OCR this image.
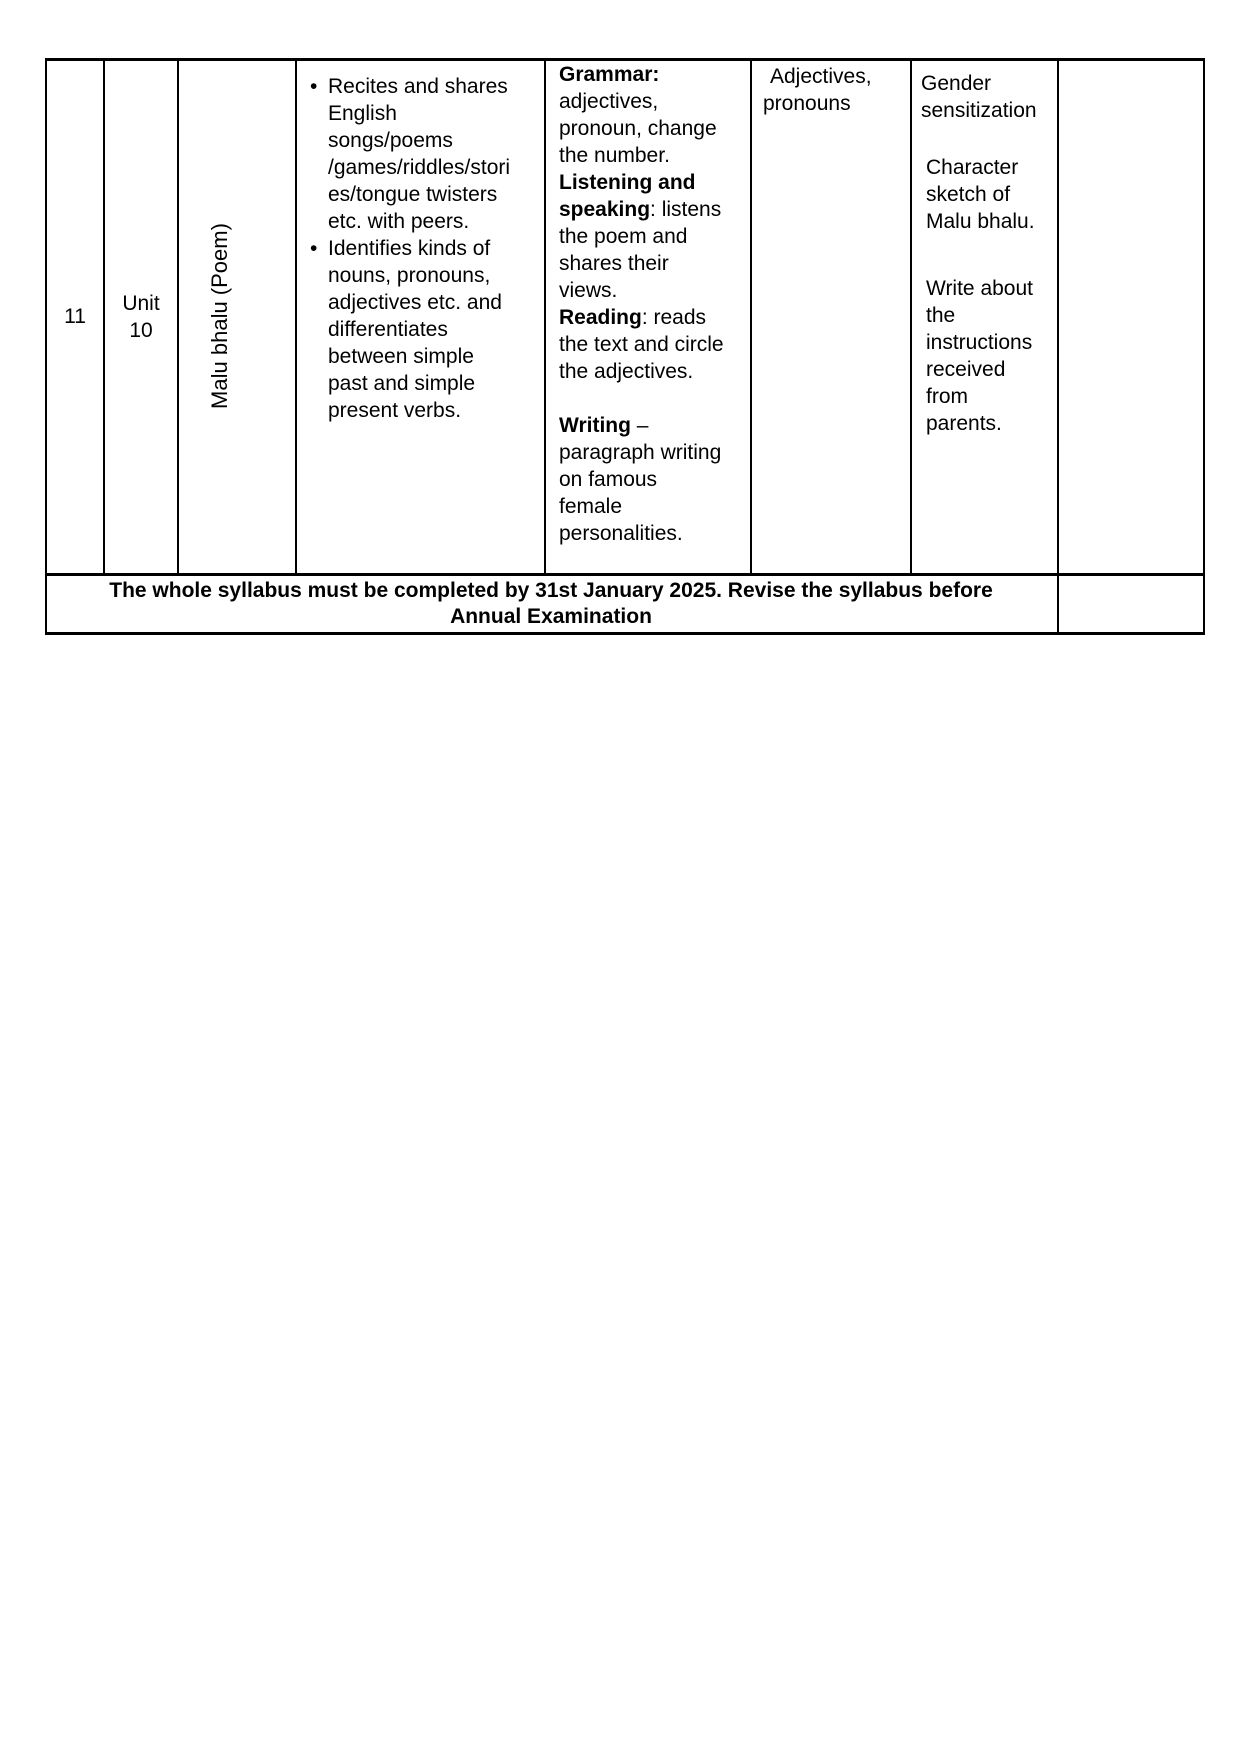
11
Unit
10	Malu bhalu (Poem)
• Recites and shares
English
songs/poems
/games/riddles/stori
es/tongue twisters
etc. with peers.
• Identifies kinds of
nouns, pronouns,
adjectives etc. and
differentiates
between simple
past and simple
present verbs.
Grammar:
adjectives,
pronoun, change
the number.
Listening and
speaking: listens
the poem and
shares their
views.
Reading: reads
the text and circle
the adjectives.
Writing –
paragraph writing
on famous
female
personalities.
Adjectives,
pronouns
Gender
sensitization
Character
sketch of
Malu bhalu.
Write about
the
instructions
received
from
parents.
The whole syllabus must be completed by 31st January 2025. Revise the syllabus before
Annual Examination
